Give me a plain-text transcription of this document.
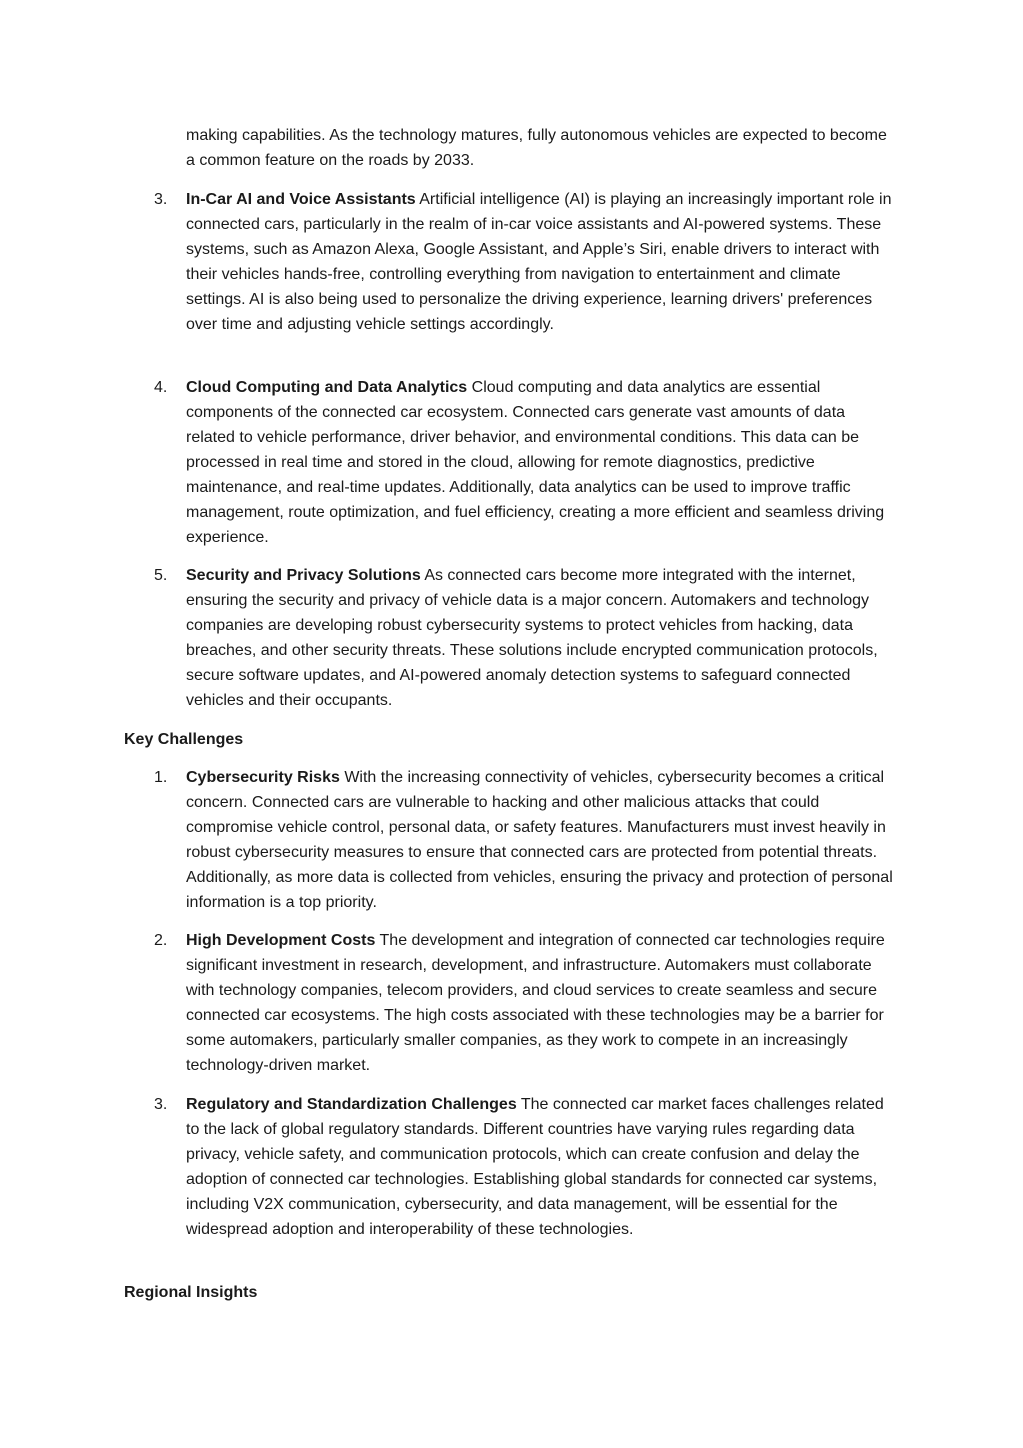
making capabilities. As the technology matures, fully autonomous vehicles are expected to become a common feature on the roads by 2033.
3.	In-Car AI and Voice Assistants Artificial intelligence (AI) is playing an increasingly important role in connected cars, particularly in the realm of in-car voice assistants and AI-powered systems. These systems, such as Amazon Alexa, Google Assistant, and Apple’s Siri, enable drivers to interact with their vehicles hands-free, controlling everything from navigation to entertainment and climate settings. AI is also being used to personalize the driving experience, learning drivers' preferences over time and adjusting vehicle settings accordingly.
4.	Cloud Computing and Data Analytics Cloud computing and data analytics are essential components of the connected car ecosystem. Connected cars generate vast amounts of data related to vehicle performance, driver behavior, and environmental conditions. This data can be processed in real time and stored in the cloud, allowing for remote diagnostics, predictive maintenance, and real-time updates. Additionally, data analytics can be used to improve traffic management, route optimization, and fuel efficiency, creating a more efficient and seamless driving experience.
5.	Security and Privacy Solutions As connected cars become more integrated with the internet, ensuring the security and privacy of vehicle data is a major concern. Automakers and technology companies are developing robust cybersecurity systems to protect vehicles from hacking, data breaches, and other security threats. These solutions include encrypted communication protocols, secure software updates, and AI-powered anomaly detection systems to safeguard connected vehicles and their occupants.
Key Challenges
1.	Cybersecurity Risks With the increasing connectivity of vehicles, cybersecurity becomes a critical concern. Connected cars are vulnerable to hacking and other malicious attacks that could compromise vehicle control, personal data, or safety features. Manufacturers must invest heavily in robust cybersecurity measures to ensure that connected cars are protected from potential threats. Additionally, as more data is collected from vehicles, ensuring the privacy and protection of personal information is a top priority.
2.	High Development Costs The development and integration of connected car technologies require significant investment in research, development, and infrastructure. Automakers must collaborate with technology companies, telecom providers, and cloud services to create seamless and secure connected car ecosystems. The high costs associated with these technologies may be a barrier for some automakers, particularly smaller companies, as they work to compete in an increasingly technology-driven market.
3.	Regulatory and Standardization Challenges The connected car market faces challenges related to the lack of global regulatory standards. Different countries have varying rules regarding data privacy, vehicle safety, and communication protocols, which can create confusion and delay the adoption of connected car technologies. Establishing global standards for connected car systems, including V2X communication, cybersecurity, and data management, will be essential for the widespread adoption and interoperability of these technologies.
Regional Insights
